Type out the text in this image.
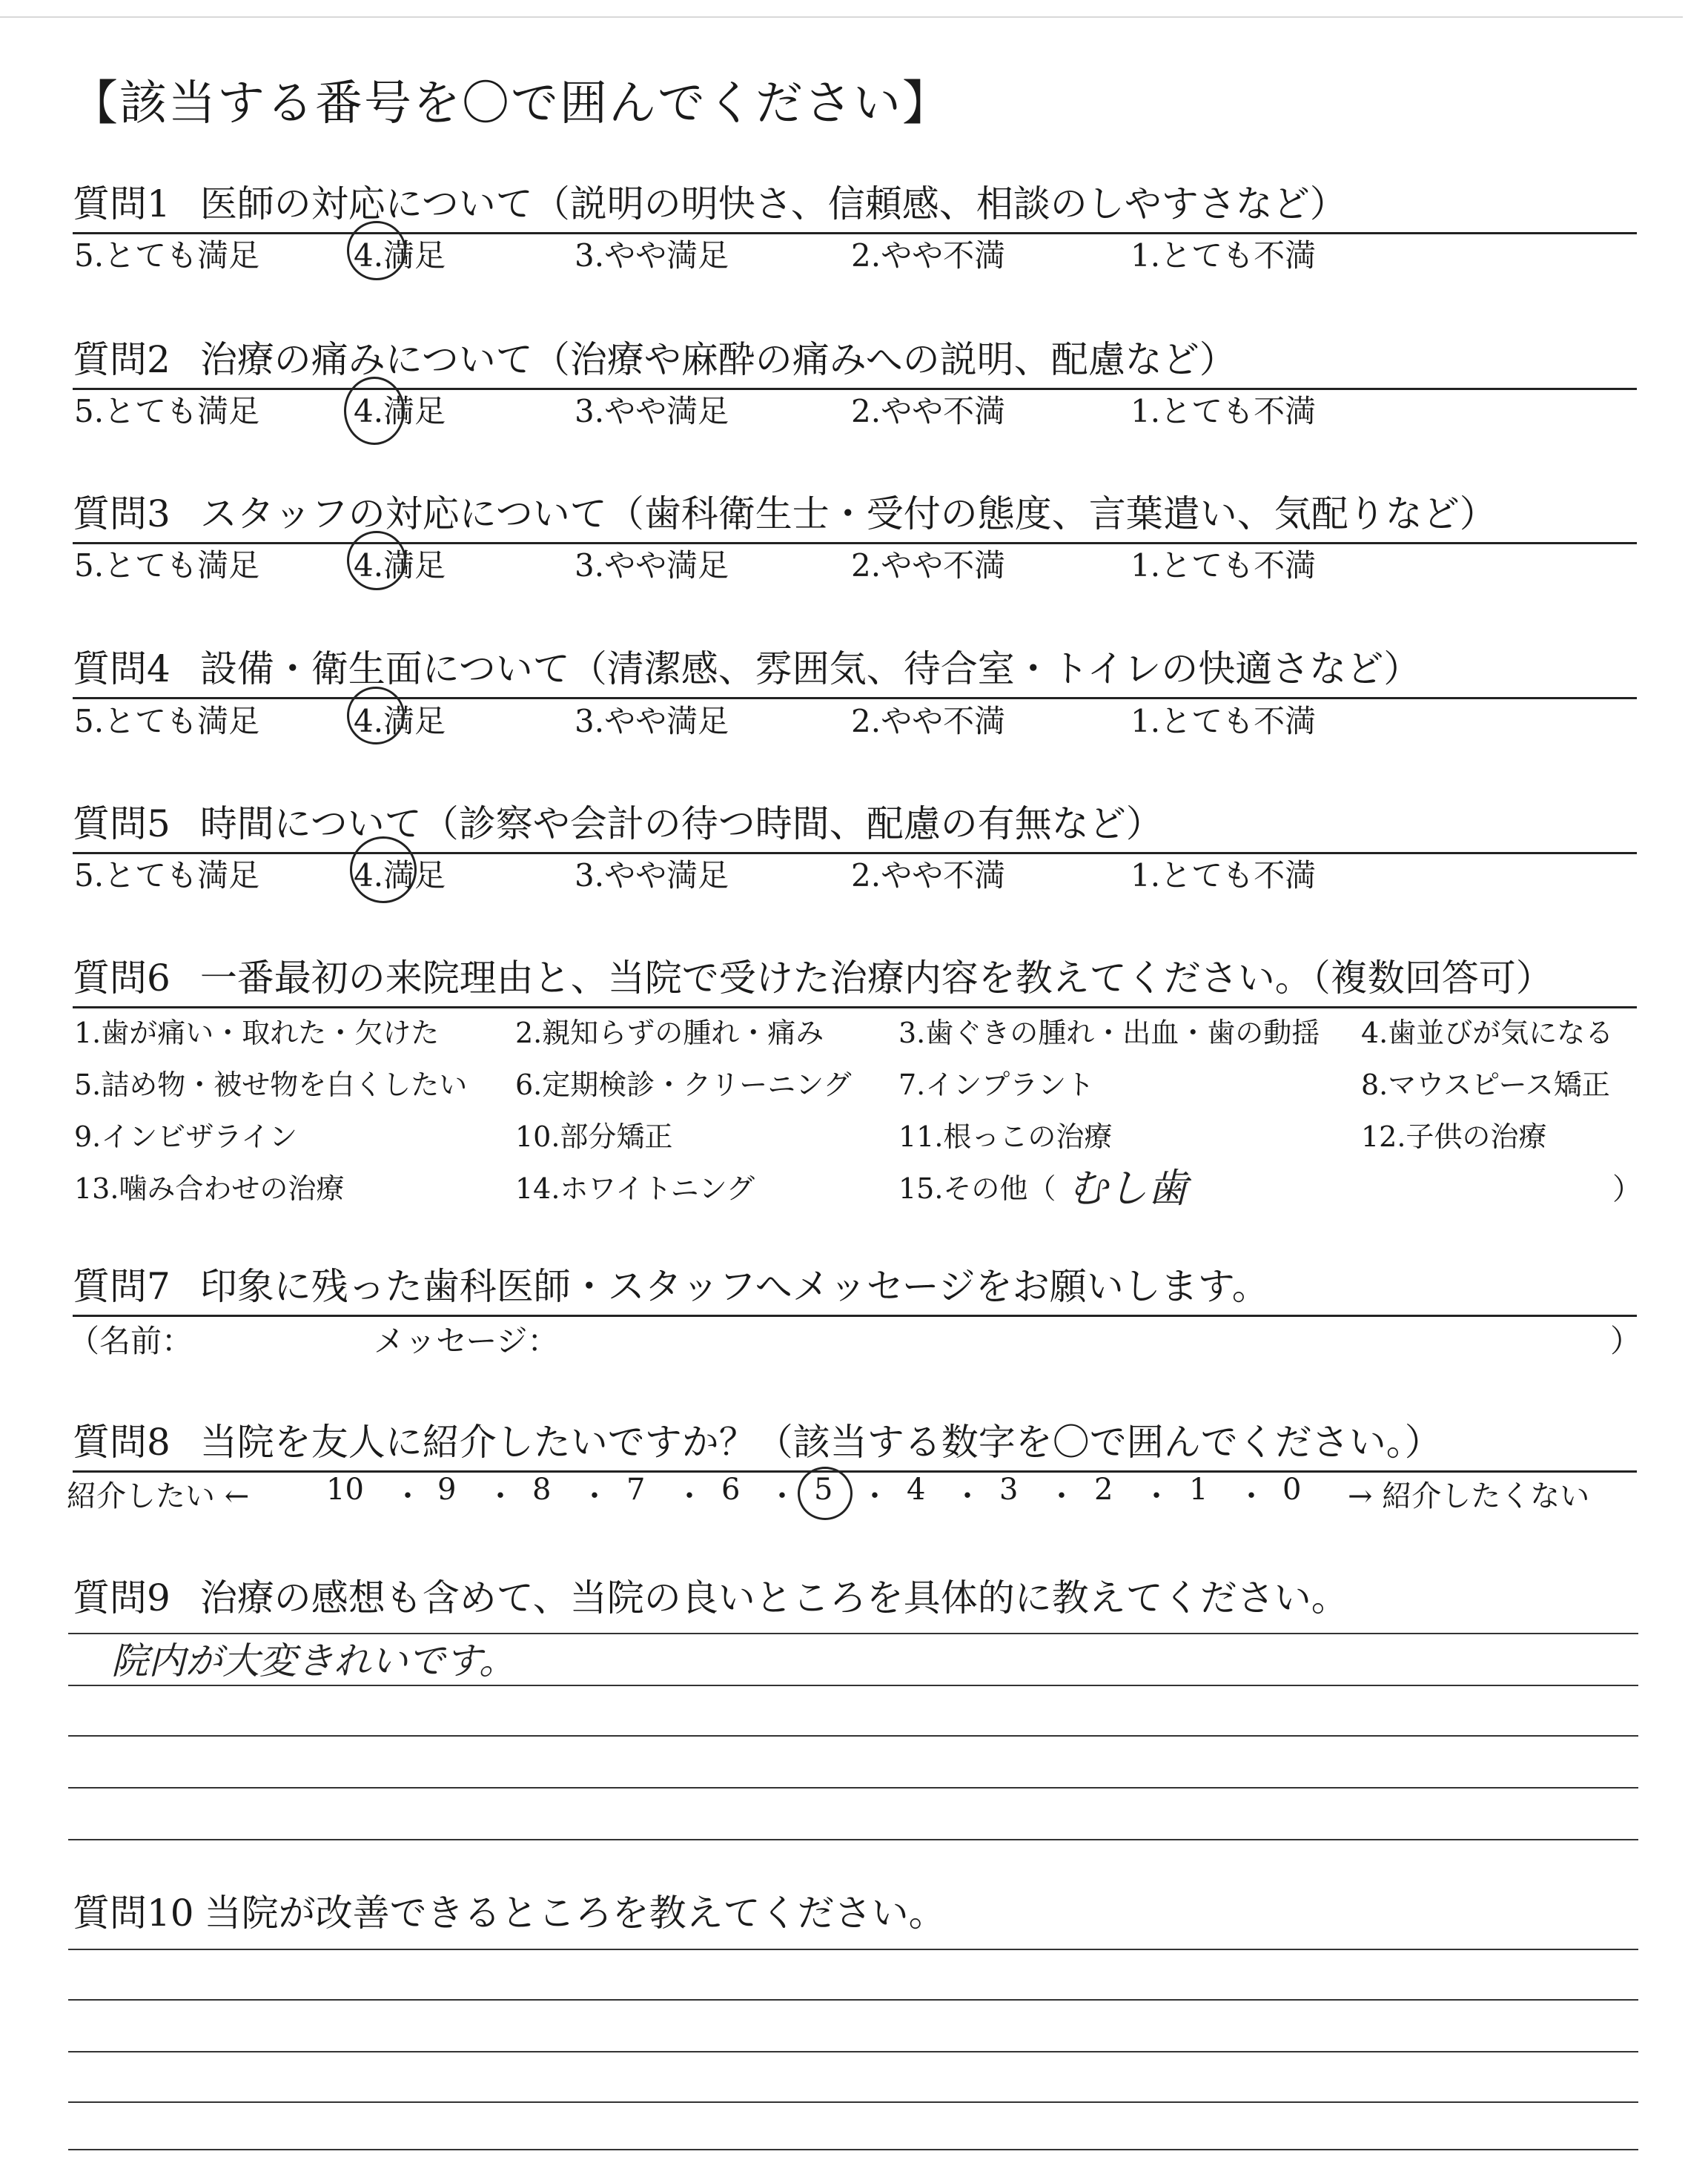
【該当する番号を〇で囲んでください】
質問1 医師の対応について（説明の明快さ、信頼感、相談のしやすさなど）
5.とても満足	4.満足	3.やや満足	2.やや不満	1.とても不満
質問2 治療の痛みについて（治療や麻酔の痛みへの説明、配慮など）
5.とても満足	4.満足	3.やや満足	2.やや不満	1.とても不満
質問3 スタッフの対応について（歯科衛生士・受付の態度、言葉遣い、気配りなど）
5.とても満足	4.満足	3.やや満足	2.やや不満	1.とても不満
質問4 設備・衛生面について（清潔感、雰囲気、待合室・トイレの快適さなど）
5.とても満足	4.満足	3.やや満足	2.やや不満	1.とても不満
質問5 時間について（診察や会計の待つ時間、配慮の有無など）
5.とても満足	4.満足	3.やや満足	2.やや不満	1.とても不満
質問6 一番最初の来院理由と、当院で受けた治療内容を教えてください。（複数回答可）
1.歯が痛い・取れた・欠けた	2.親知らずの腫れ・痛み	3.歯ぐきの腫れ・出血・歯の動揺 4.歯並びが気になる
5.詰め物・被せ物を白くしたい 6.定期検診・クリーニング 7.インプラント	8.マウスピース矯正
9.インビザライン	10.部分矯正	11.根っこの治療	12.子供の治療
13.噛み合わせの治療	14.ホワイトニング	15.その他（ むし歯	）
質問7 印象に残った歯科医師・スタッフへメッセージをお願いします。
（名前：	メッセージ：	）
質問8 当院を友人に紹介したいですか？（該当する数字を〇で囲んでください。）
紹介したい ←	10 ・ 9 ・ 8 ・ 7 ・ 6 ・ 5 ・ 4 ・ 3 ・ 2 ・ 1 ・ 0 → 紹介したくない
質問9 治療の感想も含めて、当院の良いところを具体的に教えてください。
院内が大変きれいです。
質問10 当院が改善できるところを教えてください。
